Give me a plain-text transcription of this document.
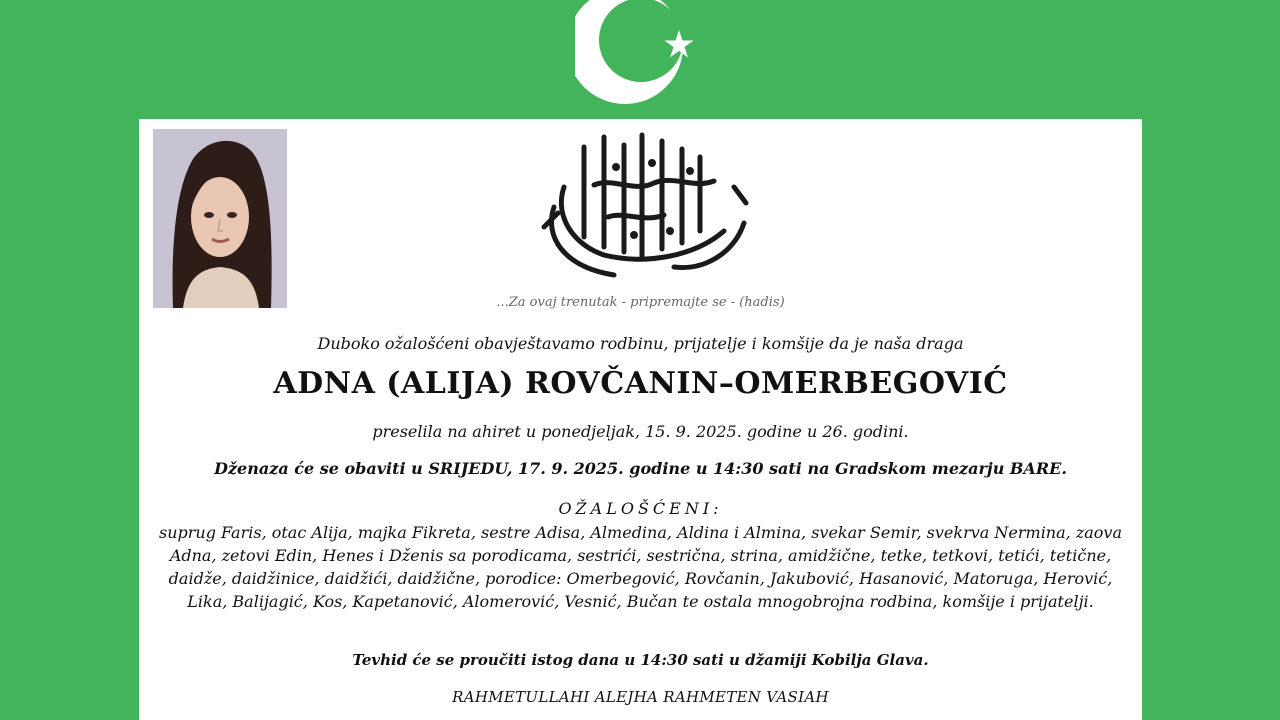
...Za ovaj trenutak - pripremajte se - (hadis)
Duboko ožalošćeni obavještavamo rodbinu, prijatelje i komšije da je naša draga
ADNA (ALIJA) ROVČANIN–OMERBEGOVIĆ
preselila na ahiret u ponedjeljak, 15. 9. 2025. godine u 26. godini.
Dženaza će se obaviti u SRIJEDU, 17. 9. 2025. godine u 14:30 sati na Gradskom mezarju BARE.
OŽALOŠĆENI:
suprug Faris, otac Alija, majka Fikreta, sestre Adisa, Almedina, Aldina i Almina, svekar Semir, svekrva Nermina, zaova Adna, zetovi Edin, Henes i Dženis sa porodicama, sestrići, sestrična, strina, amidžične, tetke, tetkovi, tetići, tetične, daidže, daidžinice, daidžići, daidžične, porodice: Omerbegović, Rovčanin, Jakubović, Hasanović, Matoruga, Herović, Lika, Balijagić, Kos, Kapetanović, Alomerović, Vesnić, Bučan te ostala mnogobrojna rodbina, komšije i prijatelji.
Tevhid će se proučiti istog dana u 14:30 sati u džamiji Kobilja Glava.
RAHMETULLAHI ALEJHA RAHMETEN VASIAH
